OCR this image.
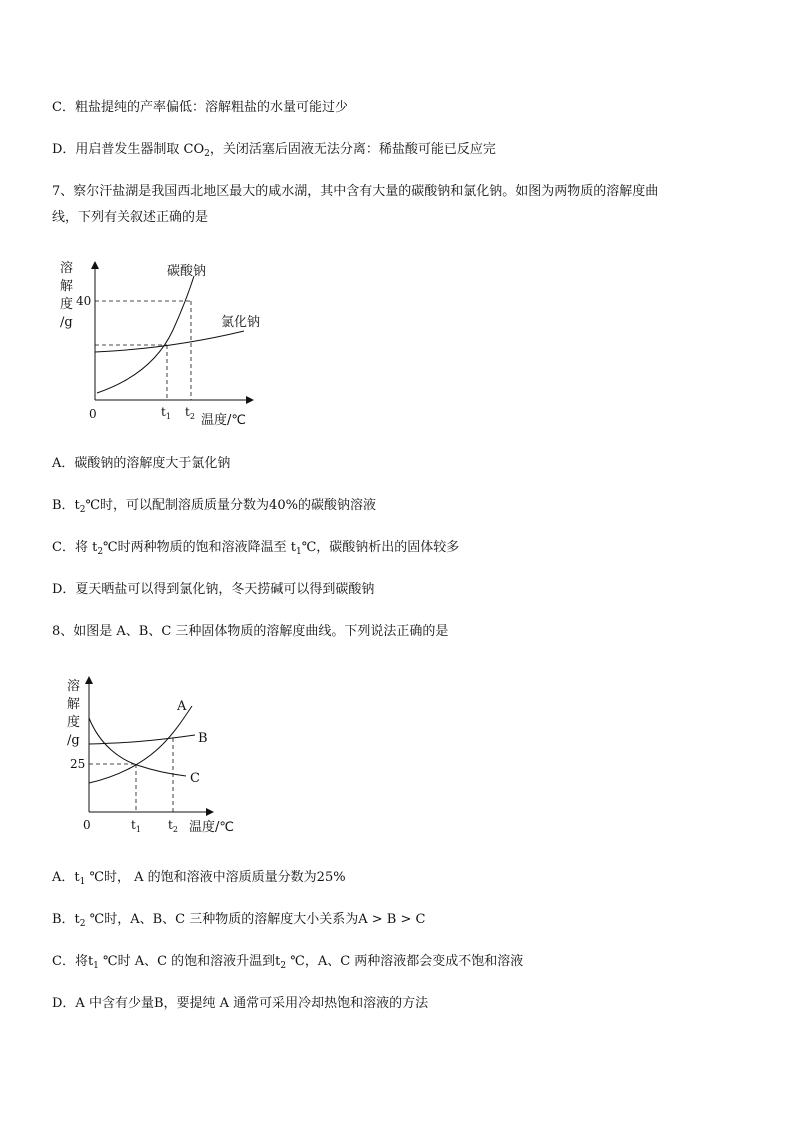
C．粗盐提纯的产率偏低：溶解粗盐的水量可能过少
D．用启普发生器制取 $CO_2$，关闭活塞后固液无法分离：稀盐酸可能已反应完
7、察尔汗盐湖是我国西北地区最大的咸水湖，其中含有大量的碳酸钠和氯化钠。如图为两物质的溶解度曲
线，下列有关叙述正确的是
溶
解
度
/g
40
0	$t_1$ $t_2$ 温度/℃
碳酸钠
氯化钠
A．碳酸钠的溶解度大于氯化钠
B．$t_2℃$时，可以配制溶质质量分数为40%的碳酸钠溶液
C．将 $t_2℃$时两种物质的饱和溶液降温至 $t_1℃$，碳酸钠析出的固体较多
D．夏天晒盐可以得到氯化钠，冬天捞碱可以得到碳酸钠
8、如图是 A、B、C 三种固体物质的溶解度曲线。下列说法正确的是
溶
解
度
/g
25
0	$t_1$ $t_2$ 温度/℃
A
B
C
A．$t_1$ ℃时， A 的饱和溶液中溶质质量分数为25%
B．$t_2$ ℃时，A、B、C 三种物质的溶解度大小关系为A > B > C
C．将$t_1$ ℃时 A、C 的饱和溶液升温到$t_2$ ℃，A、C 两种溶液都会变成不饱和溶液
D．A 中含有少量B，要提纯 A 通常可采用冷却热饱和溶液的方法
